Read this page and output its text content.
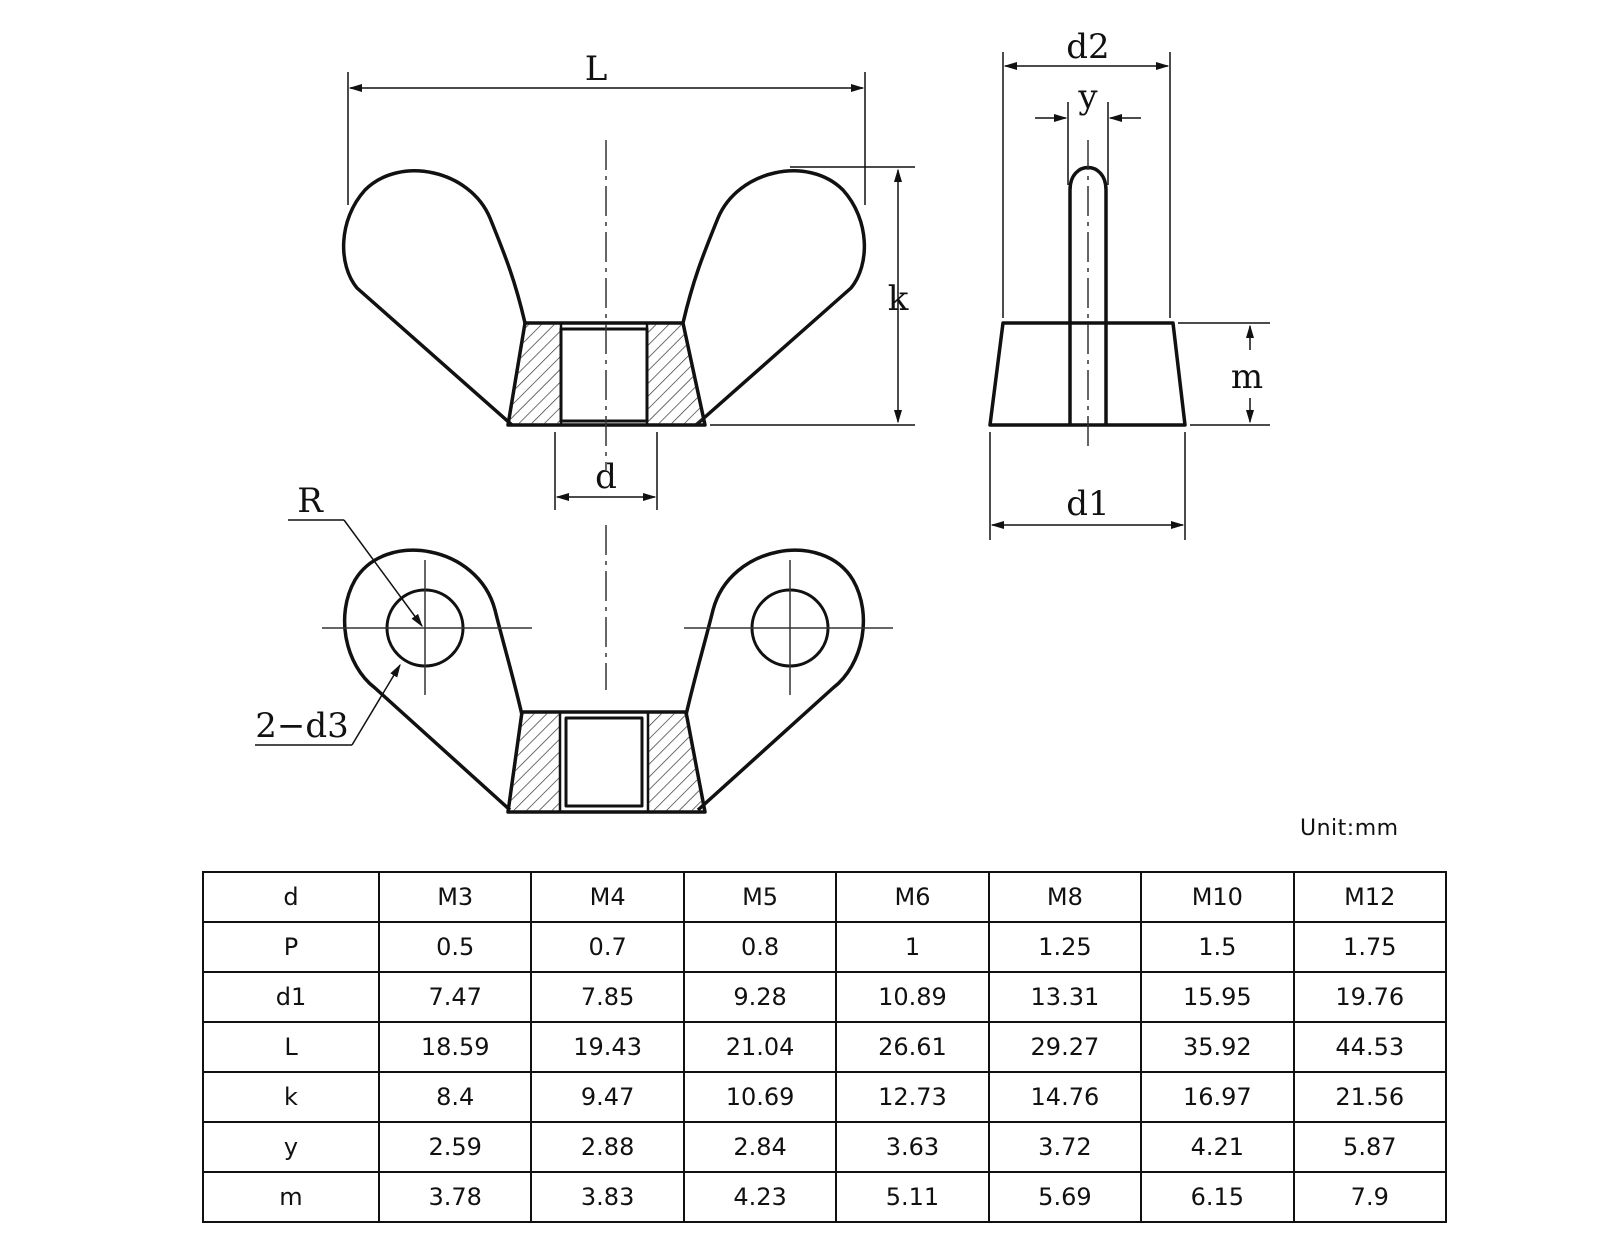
L
k
d
R
2−d3
d2
y
m
d1
Unit:mm
d	M3	M4	M5	M6	M8	M10	M12
P	0.5	0.7	0.8	1	1.25	1.5	1.75
d1	7.47	7.85	9.28	10.89	13.31	15.95	19.76
L	18.59	19.43	21.04	26.61	29.27	35.92	44.53
k	8.4	9.47	10.69	12.73	14.76	16.97	21.56
y	2.59	2.88	2.84	3.63	3.72	4.21	5.87
m	3.78	3.83	4.23	5.11	5.69	6.15	7.9
